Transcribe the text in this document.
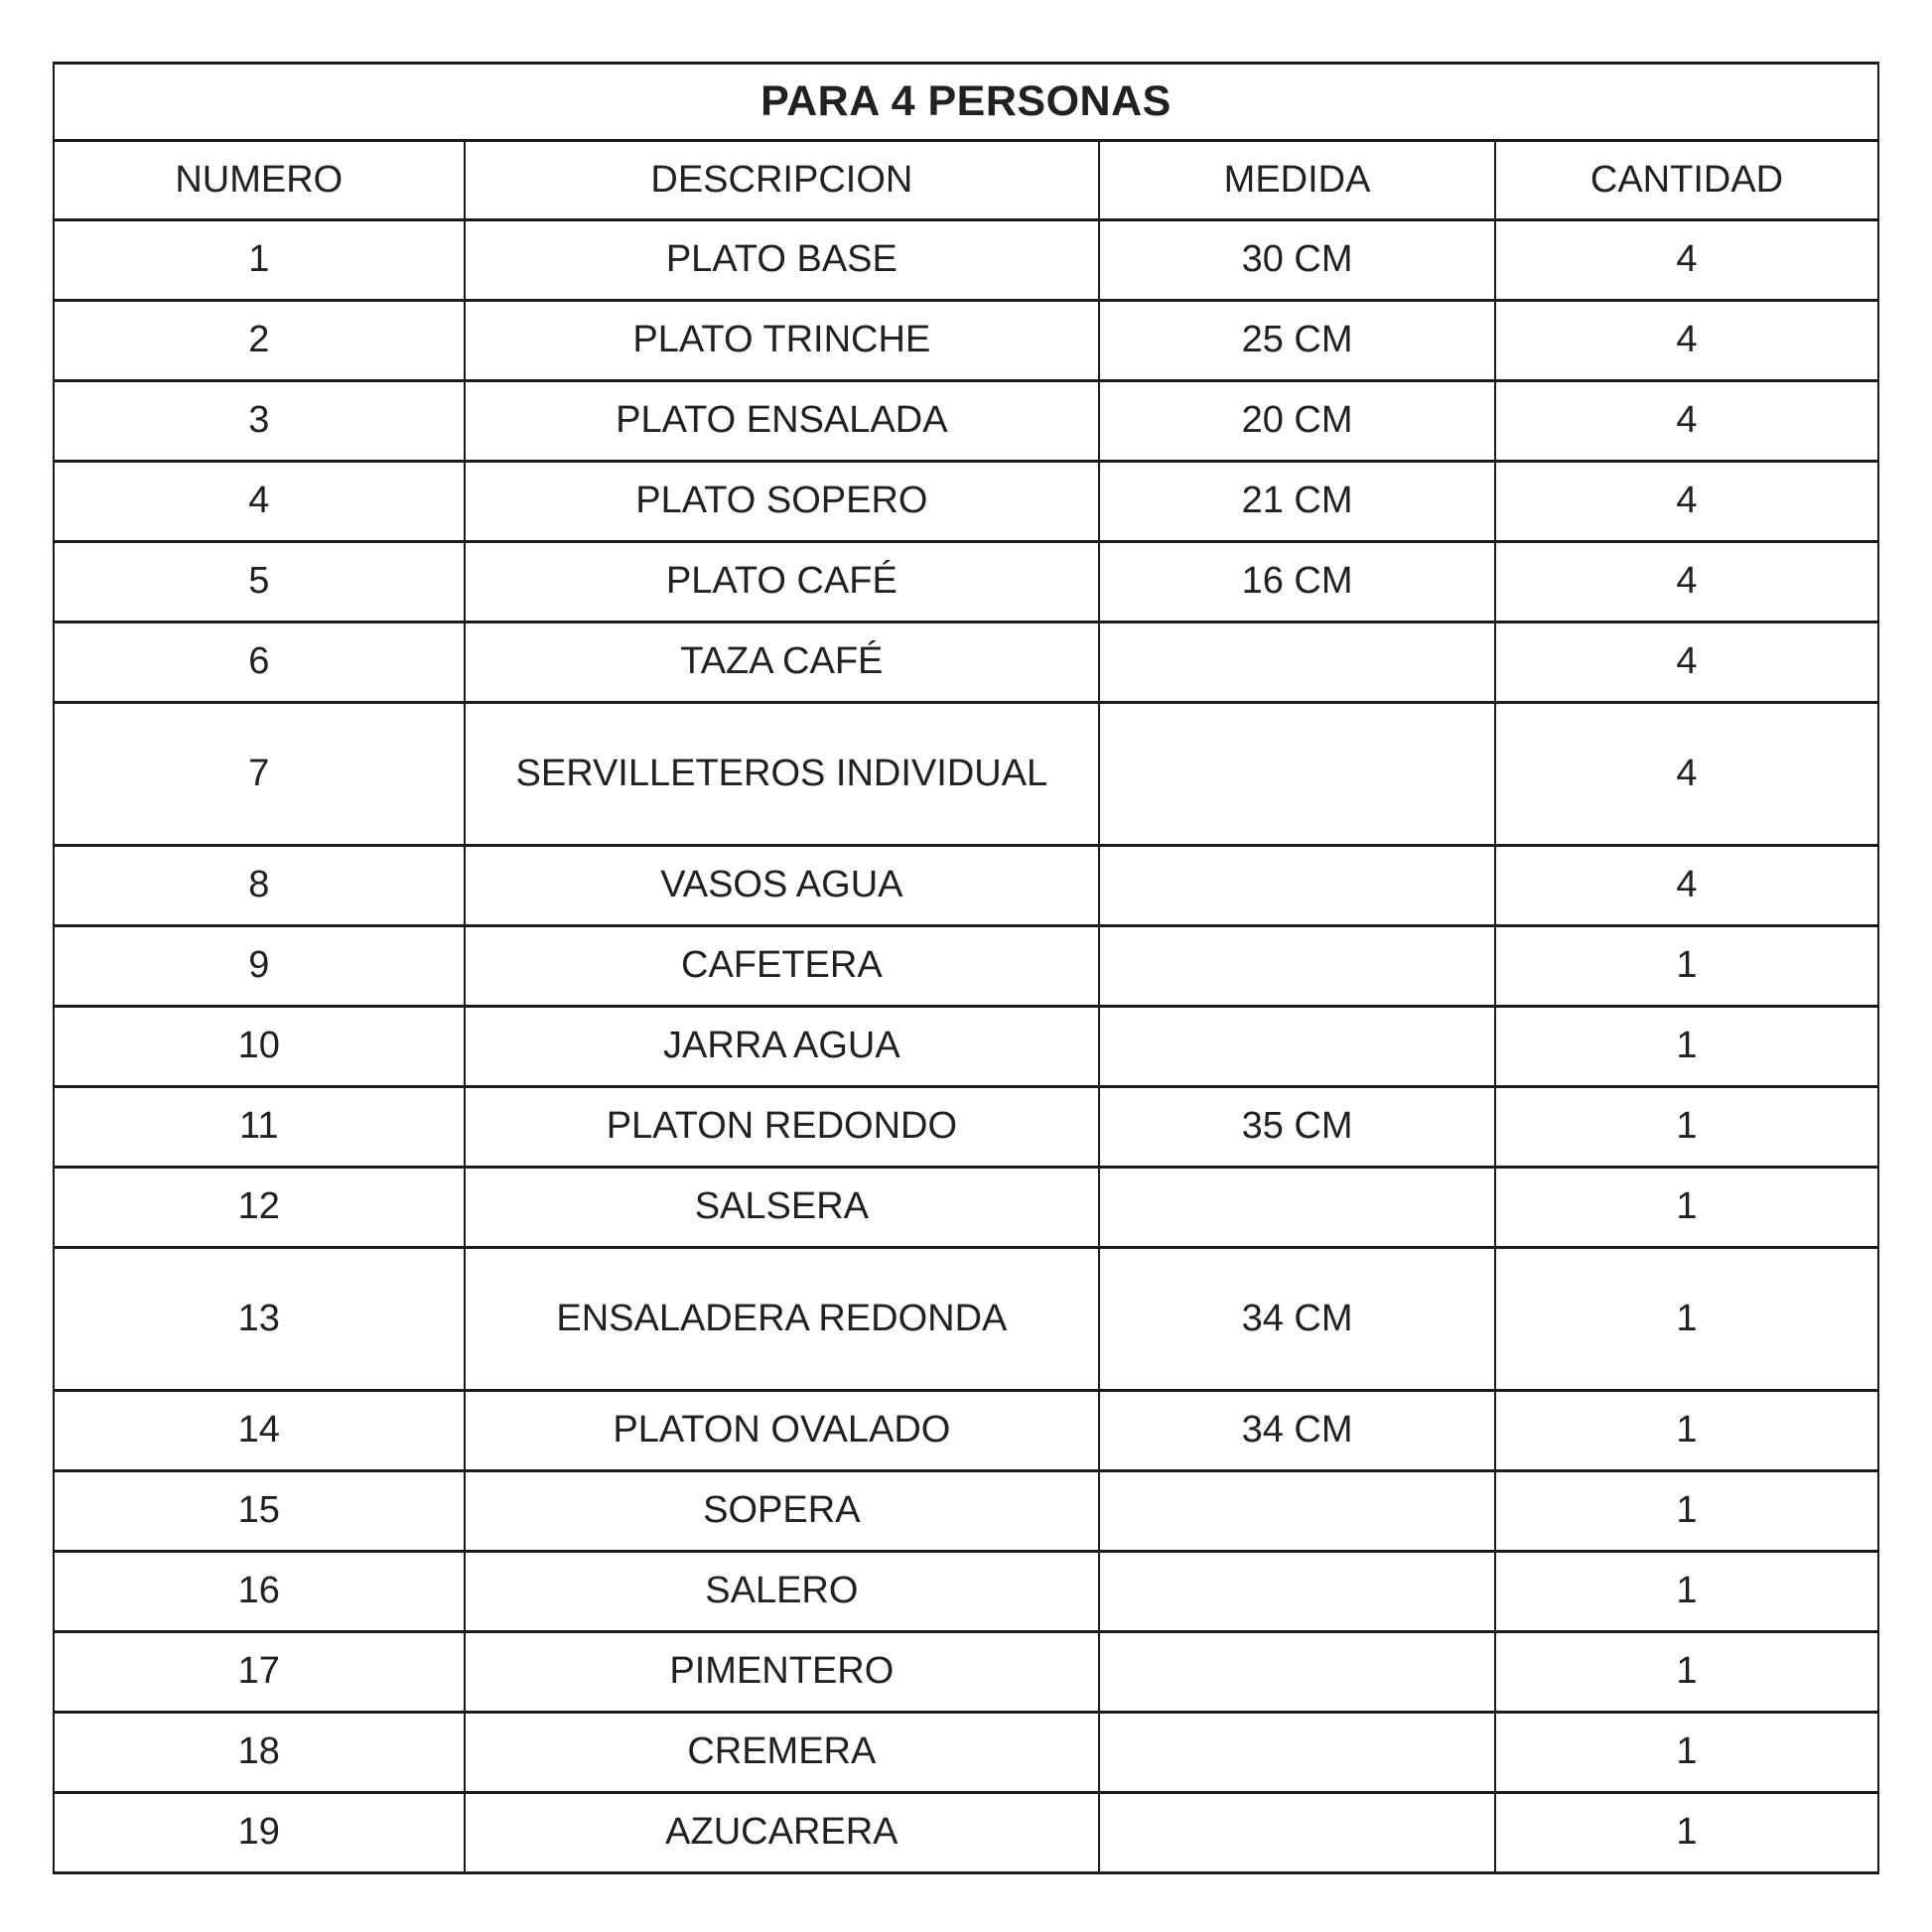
PARA 4 PERSONAS			
NUMERO	DESCRIPCION	MEDIDA	CANTIDAD
1	PLATO BASE	30 CM	4
2	PLATO TRINCHE	25 CM	4
3	PLATO ENSALADA	20 CM	4
4	PLATO SOPERO	21 CM	4
5	PLATO CAFÉ	16 CM	4
6	TAZA CAFÉ		4
7	SERVILLETEROS INDIVIDUAL		4
8	VASOS AGUA		4
9	CAFETERA		1
10	JARRA AGUA		1
11	PLATON REDONDO	35 CM	1
12	SALSERA		1
13	ENSALADERA REDONDA	34 CM	1
14	PLATON OVALADO	34 CM	1
15	SOPERA		1
16	SALERO		1
17	PIMENTERO		1
18	CREMERA		1
19	AZUCARERA		1
